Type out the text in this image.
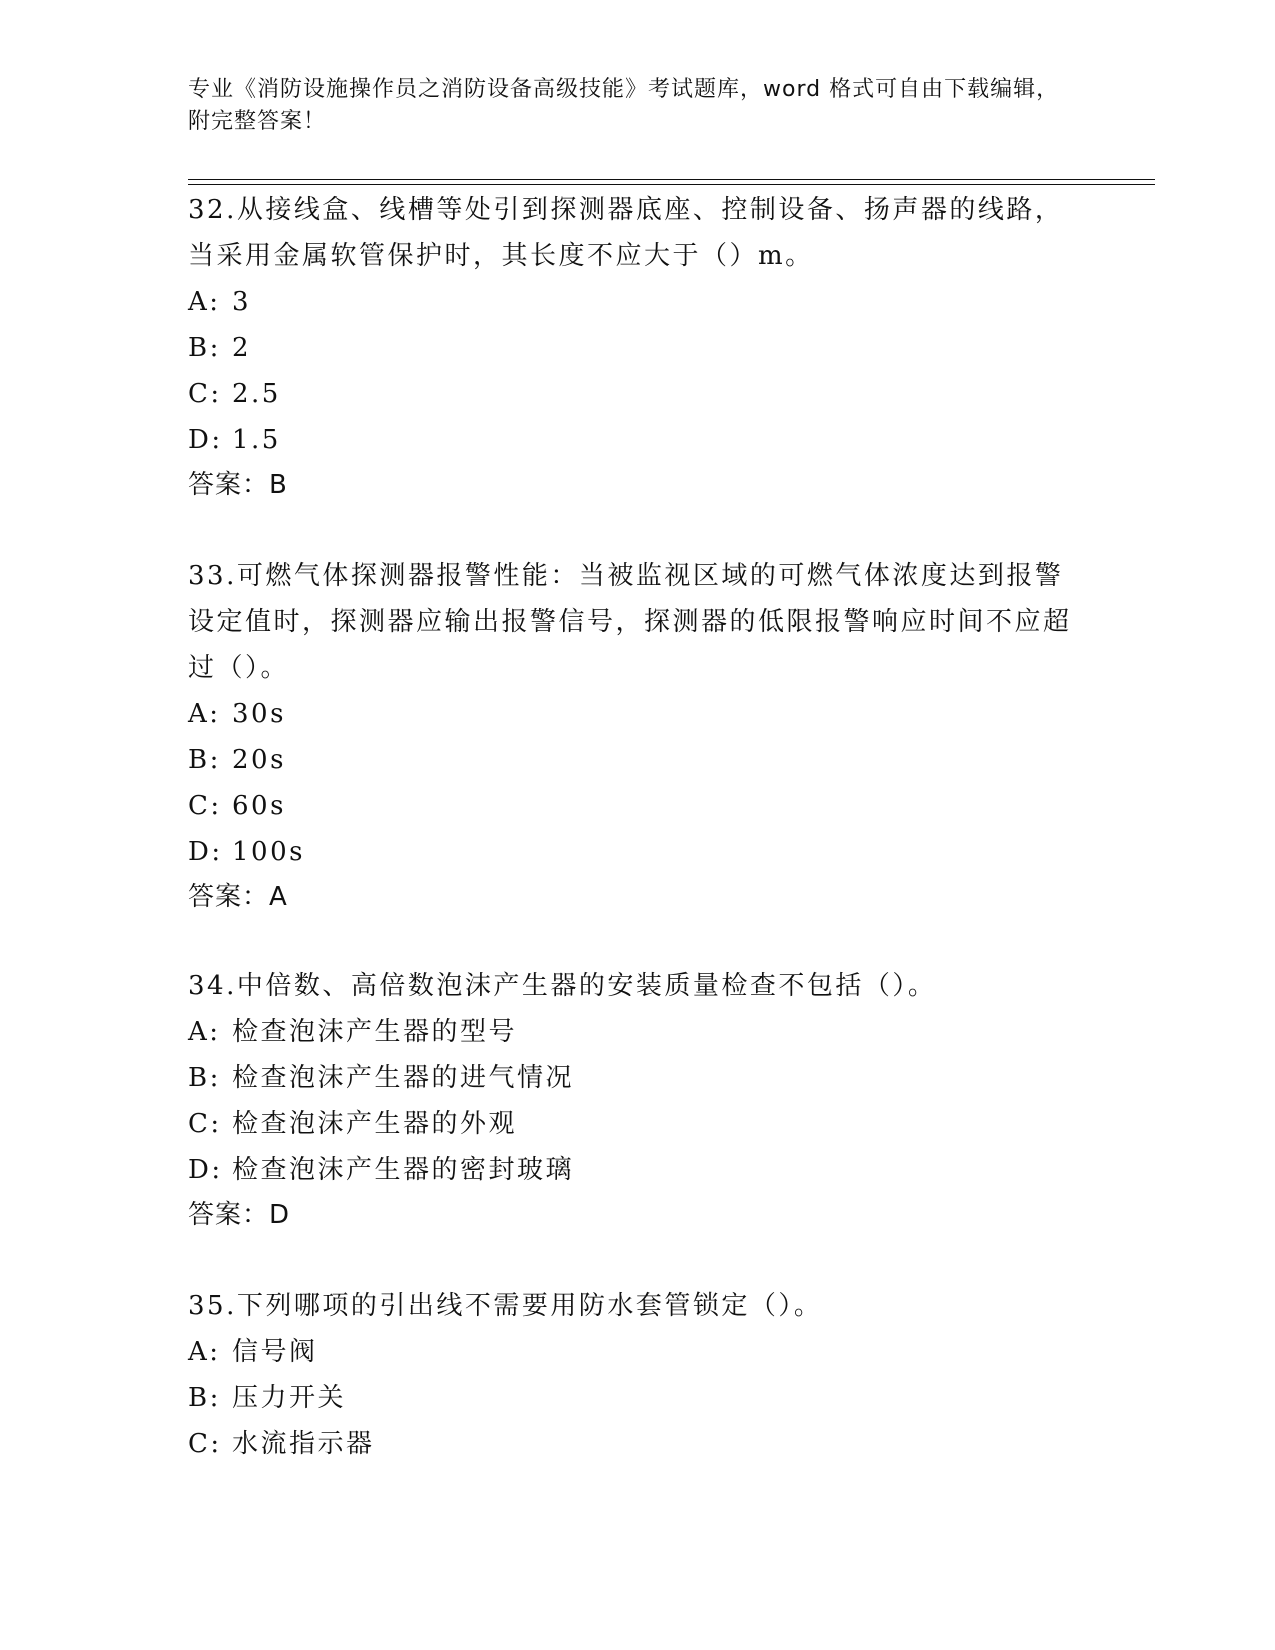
专业《消防设施操作员之消防设备高级技能》考试题库，word 格式可自由下载编辑，附完整答案！

32.从接线盒、线槽等处引到探测器底座、控制设备、扬声器的线路，当采用金属软管保护时，其长度不应大于（）m。

A: 3

B: 2

C: 2.5

D: 1.5

答案：B

33.可燃气体探测器报警性能：当被监视区域的可燃气体浓度达到报警设定值时，探测器应输出报警信号，探测器的低限报警响应时间不应超过（）。

A: 30s

B: 20s

C: 60s

D: 100s

答案：A

34.中倍数、高倍数泡沫产生器的安装质量检查不包括（）。

A: 检查泡沫产生器的型号

B: 检查泡沫产生器的进气情况

C: 检查泡沫产生器的外观

D: 检查泡沫产生器的密封玻璃

答案：D

35.下列哪项的引出线不需要用防水套管锁定（）。

A: 信号阀

B: 压力开关

C: 水流指示器
